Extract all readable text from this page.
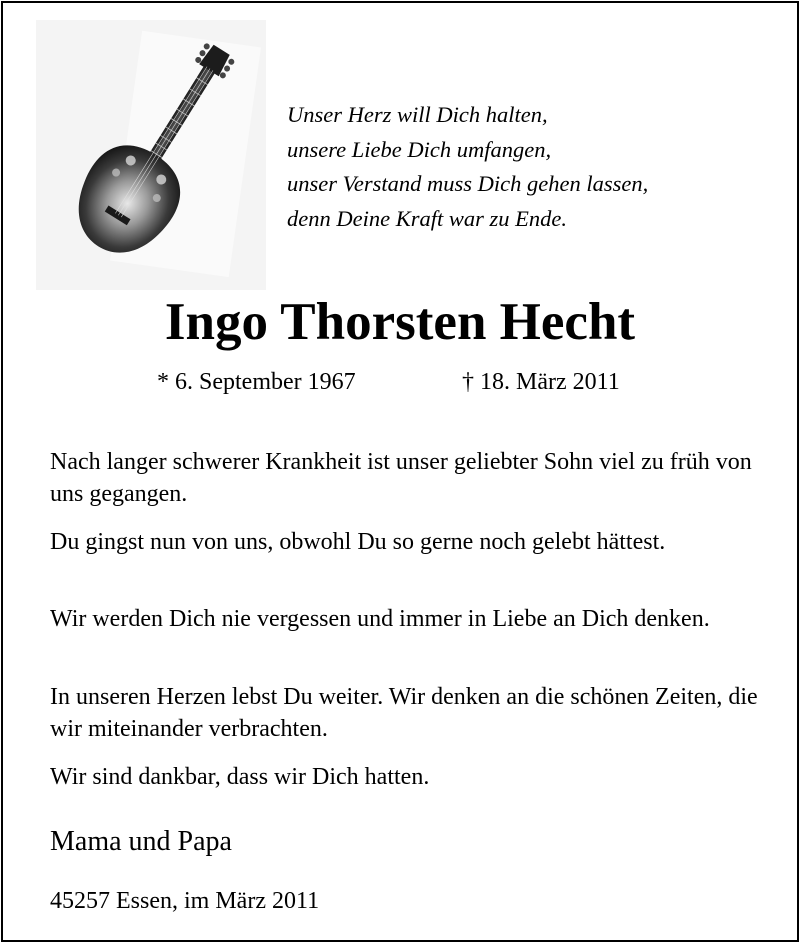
Unser Herz will Dich halten,
unsere Liebe Dich umfangen,
unser Verstand muss Dich gehen lassen,
denn Deine Kraft war zu Ende.
Ingo Thorsten Hecht
* 6. September 1967	† 18. März 2011

Nach langer schwerer Krankheit ist unser geliebter Sohn viel zu früh von uns gegangen.

Du gingst nun von uns, obwohl Du so gerne noch gelebt hättest.

Wir werden Dich nie vergessen und immer in Liebe an Dich denken.

In unseren Herzen lebst Du weiter. Wir denken an die schönen Zeiten, die wir miteinander verbrachten.

Wir sind dankbar, dass wir Dich hatten.

Mama und Papa
45257 Essen, im März 2011
